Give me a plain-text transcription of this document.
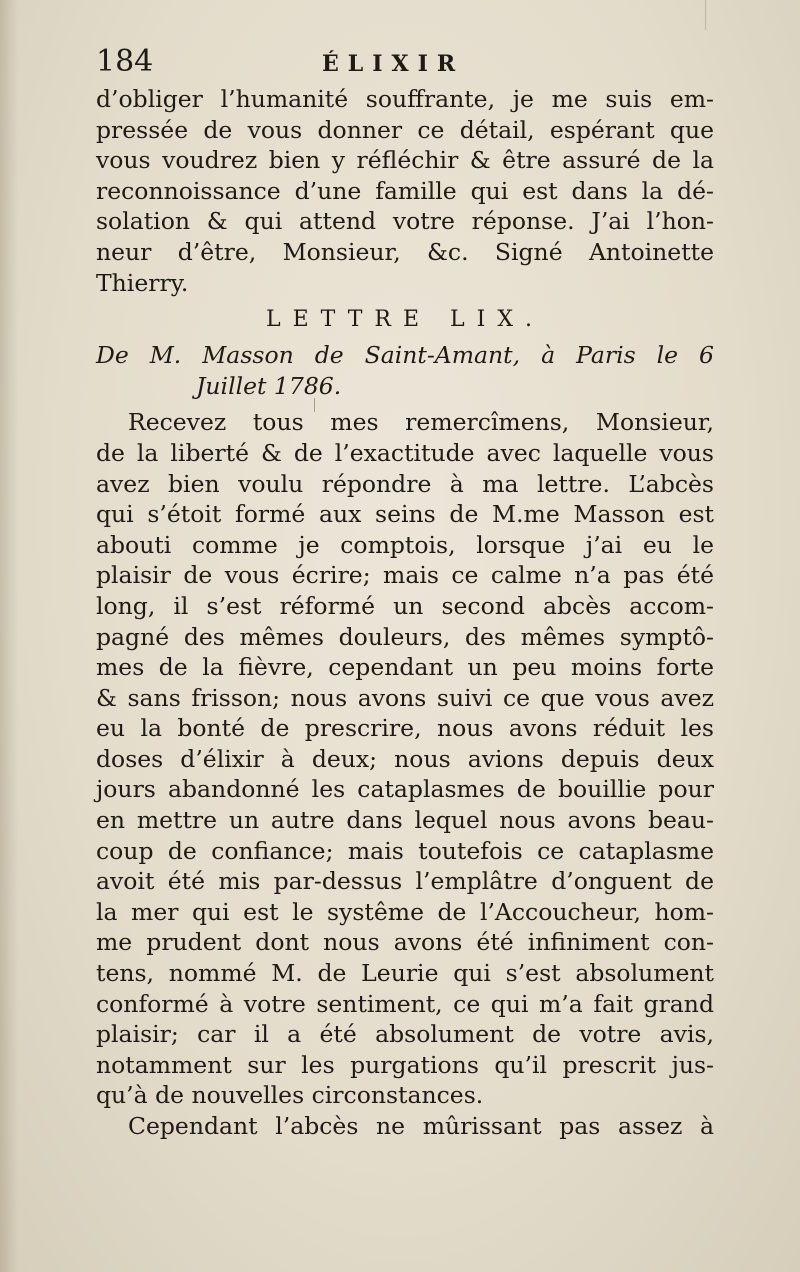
184	ÉLIXIR
d’obliger l’humanité souffrante, je me suis em-
pressée de vous donner ce détail, espérant que
vous voudrez bien y réfléchir & être assuré de la
reconnoissance d’une famille qui est dans la dé-
solation & qui attend votre réponse. J’ai l’hon-
neur d’être, Monsieur, &c. Signé Antoinette
Thierry.
LETTRE LIX.
De M. Masson de Saint-Amant, à Paris le 6
Juillet 1786.
Recevez tous mes remercîmens, Monsieur,
de la liberté & de l’exactitude avec laquelle vous
avez bien voulu répondre à ma lettre. L’abcès
qui s’étoit formé aux seins de M.me Masson est
abouti comme je comptois, lorsque j’ai eu le
plaisir de vous écrire; mais ce calme n’a pas été
long, il s’est réformé un second abcès accom-
pagné des mêmes douleurs, des mêmes symptô-
mes de la fièvre, cependant un peu moins forte
& sans frisson; nous avons suivi ce que vous avez
eu la bonté de prescrire, nous avons réduit les
doses d’élixir à deux; nous avions depuis deux
jours abandonné les cataplasmes de bouillie pour
en mettre un autre dans lequel nous avons beau-
coup de confiance; mais toutefois ce cataplasme
avoit été mis par-dessus l’emplâtre d’onguent de
la mer qui est le systême de l’Accoucheur, hom-
me prudent dont nous avons été infiniment con-
tens, nommé M. de Leurie qui s’est absolument
conformé à votre sentiment, ce qui m’a fait grand
plaisir; car il a été absolument de votre avis,
notamment sur les purgations qu’il prescrit jus-
qu’à de nouvelles circonstances.
Cependant l’abcès ne mûrissant pas assez à
